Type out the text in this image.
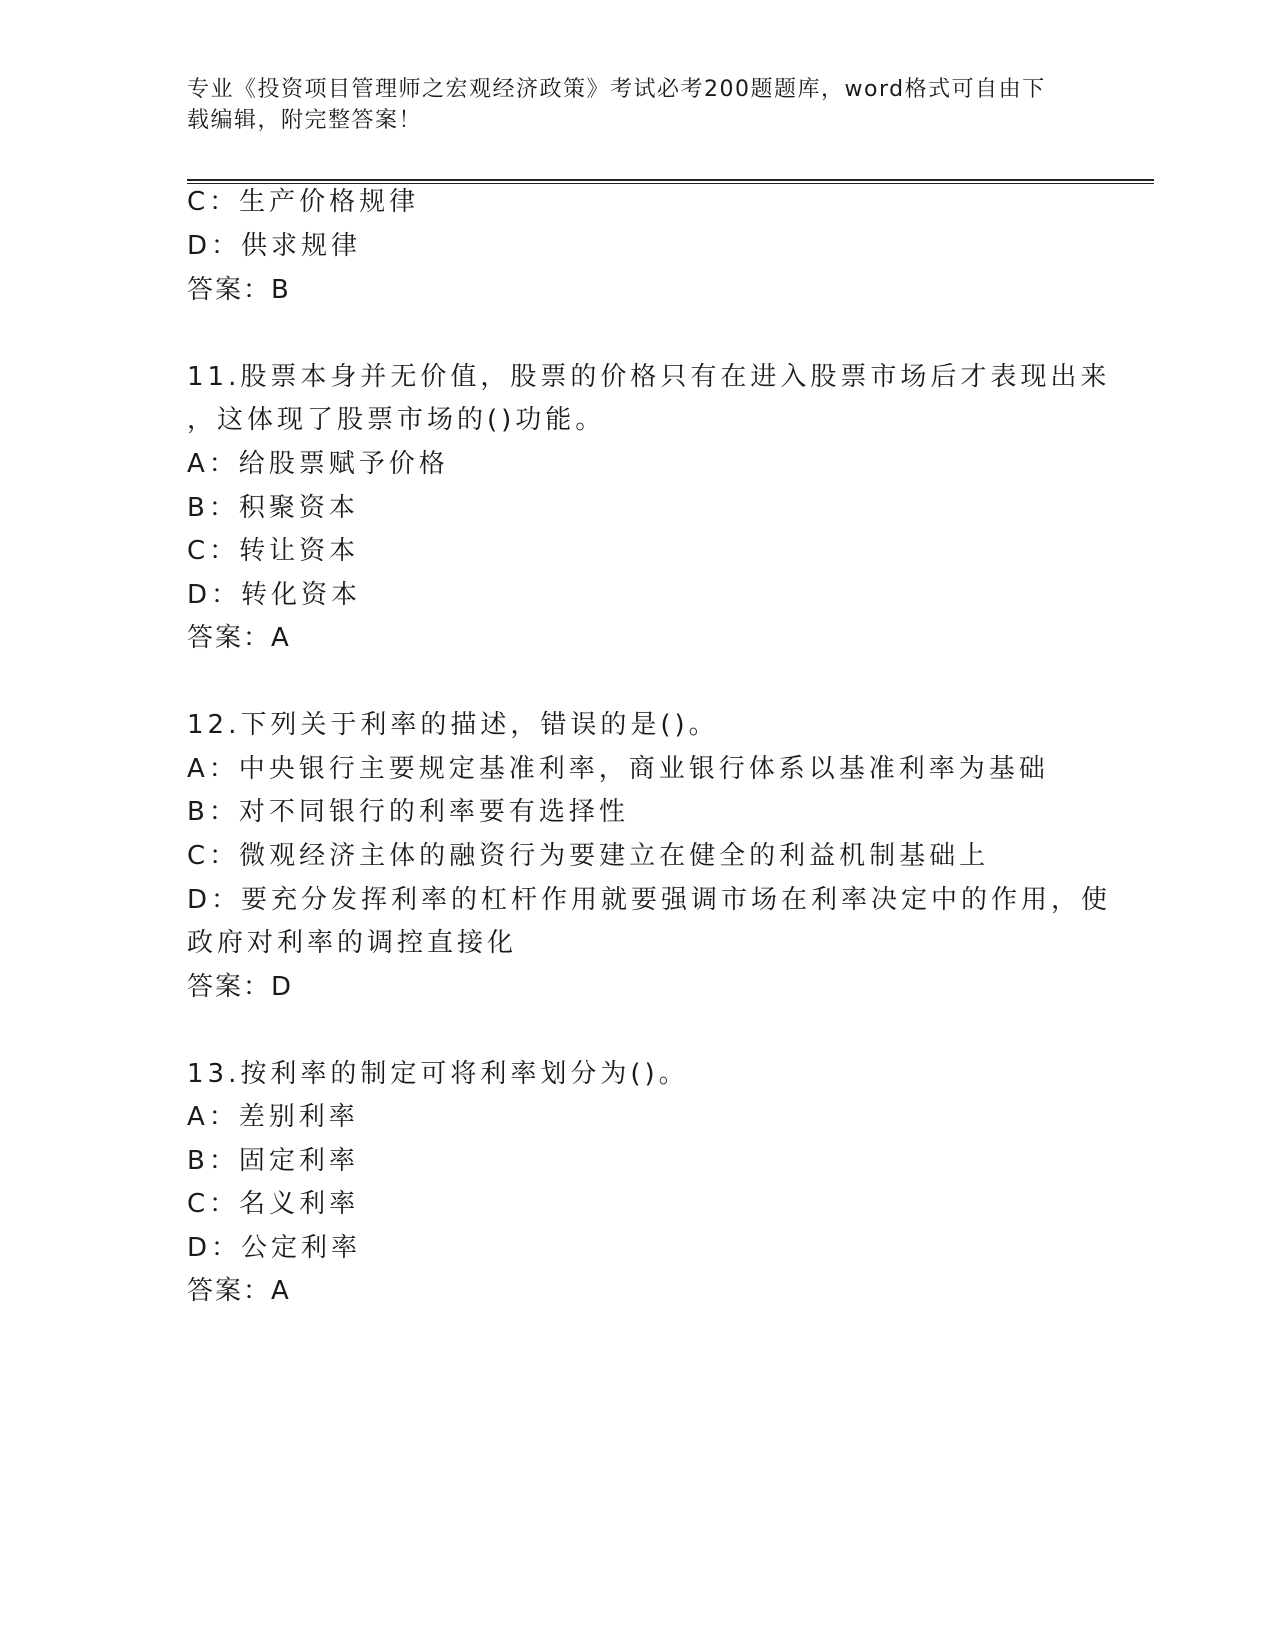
专业《投资项目管理师之宏观经济政策》考试必考200题题库，word格式可自由下载编辑，附完整答案！
C：生产价格规律
D：供求规律
答案：B
11.股票本身并无价值，股票的价格只有在进入股票市场后才表现出来
，这体现了股票市场的()功能。
A：给股票赋予价格
B：积聚资本
C：转让资本
D：转化资本
答案：A
12.下列关于利率的描述，错误的是()。
A：中央银行主要规定基准利率，商业银行体系以基准利率为基础
B：对不同银行的利率要有选择性
C：微观经济主体的融资行为要建立在健全的利益机制基础上
D：要充分发挥利率的杠杆作用就要强调市场在利率决定中的作用，使
政府对利率的调控直接化
答案：D
13.按利率的制定可将利率划分为()。
A：差别利率
B：固定利率
C：名义利率
D：公定利率
答案：A
